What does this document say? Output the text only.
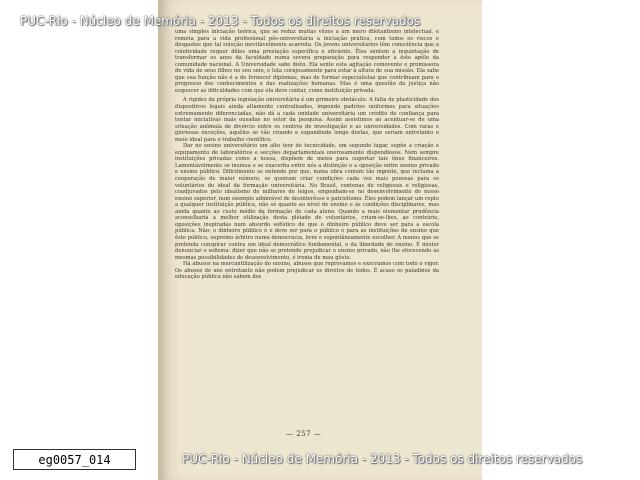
uma simples iniciação teórica, que se reduz muitas vêzes a um mero diletantismo intelectual, e remeta para a vida profissional pós-universitária a iniciação prática, com todos os riscos e desgastes que tal solução inevitàvelmente acarreta. Os jovens universitários têm consciência que a coletividade requer dêles uma prestação específica e eficiente. Êles sentem a inquietação de transformar os anos da faculdade numa severa preparação para responder a êste apêlo da comunidade nacional. A Universidade sabe disto. Ela sente esta agitação comovente e promissora de vida de seus filhos no seu seio, e luta corajosamente para estar à altura de sua missão. Ela sabe que sua função não é a de fornecer diplomas, mas de formar especialistas que contribuam para o progresso dos conhecimentos e das realizações humanas. Mas é uma questão de justiça não esquecer as dificuldades com que ela deve contar, como instituição privada.

A rigidez da própria legislação universitária é um primeiro obstáculo. A falta de plasticidade dos dispositivos legais ainda altamente centralizados, impondo padrões uniformes para situações extremamente diferenciadas, não dá a cada unidade universitária um crédito de confiança para tentar iniciativas mais ousadas no setor da pesquisa. Assim assistimos ao acentuar-se de uma situação anômala de divórcio entre os centros de investigação e as universidades. Com raras e gloriosas exceções, aquêles se vão criando e expandindo longe destas, que seriam entretanto o meio ideal para o trabalho científico.

Dar no ensino universitário um alto teor de tecnicidade, em segundo lugar, supõe a criação e equipamento de laboratórios e secções departamentais onerosamente dispendiosos. Nem sempre instituições privadas como a nossa, dispõem de meios para suportar tais ônus financeiros. Lamentàvelmente se insinua e se exacerba entre nós a distinção e a oposição entre ensino privado e ensino público. Dificilmente se entende por que, numa obra comum tão ingente, que reclama a cooperação de maior número, se queiram criar condições cada vez mais penosas para os voluntários do ideal da formação universitária. No Brasil, centenas de religiosos e religiosas, coadjuvados pelo idealismo de milhares de leigos, empenham-se no desenvolvimento do nosso ensino superior, num exemplo admirável de desinterêsse e patriotismo. Êles podem lançar um repto a qualquer instituição pública, não só quanto ao nível de ensino e às condições disciplinares, mas ainda quanto ao custo médio da formação de cada aluno. Quando a mais elementar prudência aconselharia a melhor utilização desta plêiade de voluntários, criam-se-lhes, ao contrário, oposições inspiradas num absurdo sofístico de que o dinheiro público deve ser para a escola pública. Não: o dinheiro público é e deve ser para o público e para as instituições de ensino que êste público, supremo árbitro numa democracia, livre e espontâneamente escolher. A menos que se pretenda conspirar contra um ideal democrático fundamental, o da liberdade de ensino. É mister denunciar o sofisma: dizer que não se pretende prejudicar o ensino privado, não lhe oferecendo as mesmas possibilidades de desenvolvimento, é ironia de mau gôsto.

Há abusos na mercantilização do ensino, abusos que reprovamos e execramos com todo o vigor. Os abusos de uns entretanto não podem prejudicar os direitos de todos. É acaso os paladinos da educação pública não sabem dos

— 257 —
PUC-Rio - Núcleo de Memória - 2013 - Todos os direitos reservados
PUC-Rio - Núcleo de Memória - 2013 - Todos os direitos reservados
eg0057_014
